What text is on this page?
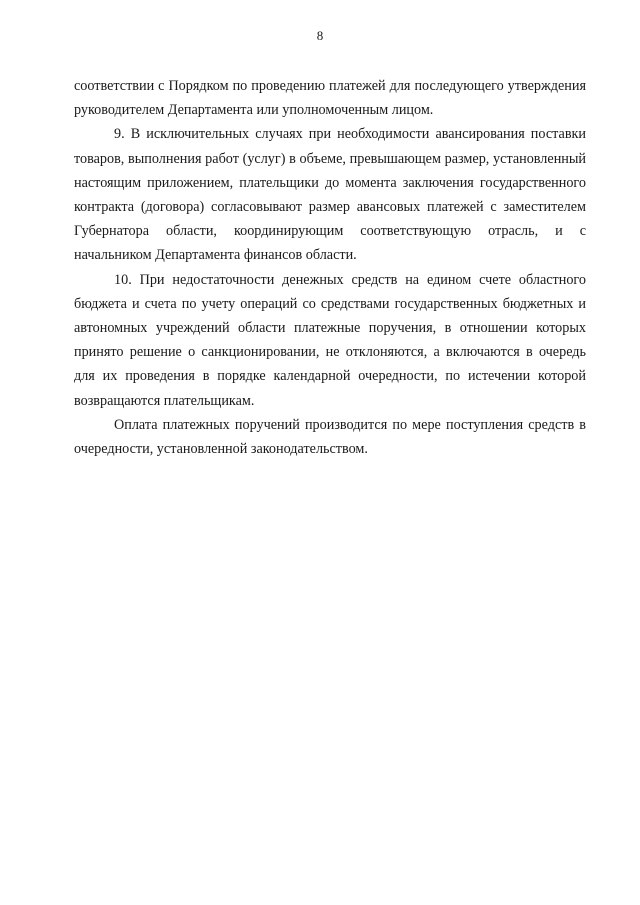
8

соответствии с Порядком по проведению платежей для последующего утверждения руководителем Департамента или уполномоченным лицом.

9. В исключительных случаях при необходимости авансирования поставки товаров, выполнения работ (услуг) в объеме, превышающем размер, установленный настоящим приложением, плательщики до момента заключения государственного контракта (договора) согласовывают размер авансовых платежей с заместителем Губернатора области, координирующим соответствующую отрасль, и с начальником Департамента финансов области.

10. При недостаточности денежных средств на едином счете областного бюджета и счета по учету операций со средствами государственных бюджетных и автономных учреждений области платежные поручения, в отношении которых принято решение о санкционировании, не отклоняются, а включаются в очередь для их проведения в порядке календарной очередности, по истечении которой возвращаются плательщикам.

Оплата платежных поручений производится по мере поступления средств в очередности, установленной законодательством.
